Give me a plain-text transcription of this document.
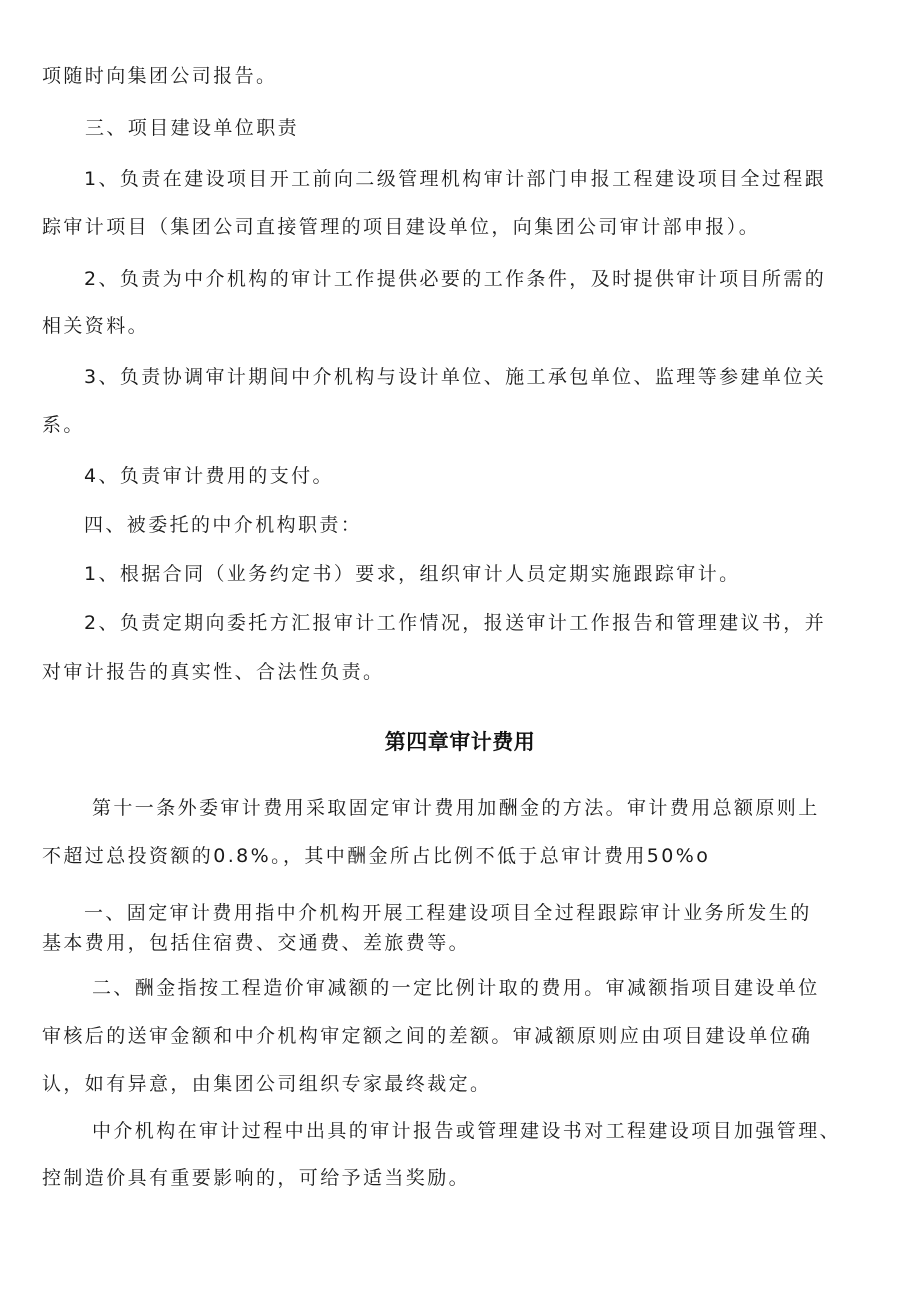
项随时向集团公司报告。
三、项目建设单位职责
1、负责在建设项目开工前向二级管理机构审计部门申报工程建设项目全过程跟
踪审计项目（集团公司直接管理的项目建设单位，向集团公司审计部申报）。
2、负责为中介机构的审计工作提供必要的工作条件，及时提供审计项目所需的
相关资料。
3、负责协调审计期间中介机构与设计单位、施工承包单位、监理等参建单位关
系。
4、负责审计费用的支付。
四、被委托的中介机构职责：
1、根据合同（业务约定书）要求，组织审计人员定期实施跟踪审计。
2、负责定期向委托方汇报审计工作情况，报送审计工作报告和管理建议书，并
对审计报告的真实性、合法性负责。
第四章审计费用
第十一条外委审计费用采取固定审计费用加酬金的方法。审计费用总额原则上
不超过总投资额的0.8%。，其中酬金所占比例不低于总审计费用50%o
一、固定审计费用指中介机构开展工程建设项目全过程跟踪审计业务所发生的
基本费用，包括住宿费、交通费、差旅费等。
二、酬金指按工程造价审减额的一定比例计取的费用。审减额指项目建设单位
审核后的送审金额和中介机构审定额之间的差额。审减额原则应由项目建设单位确
认，如有异意，由集团公司组织专家最终裁定。
中介机构在审计过程中出具的审计报告或管理建设书对工程建设项目加强管理、
控制造价具有重要影响的，可给予适当奖励。
